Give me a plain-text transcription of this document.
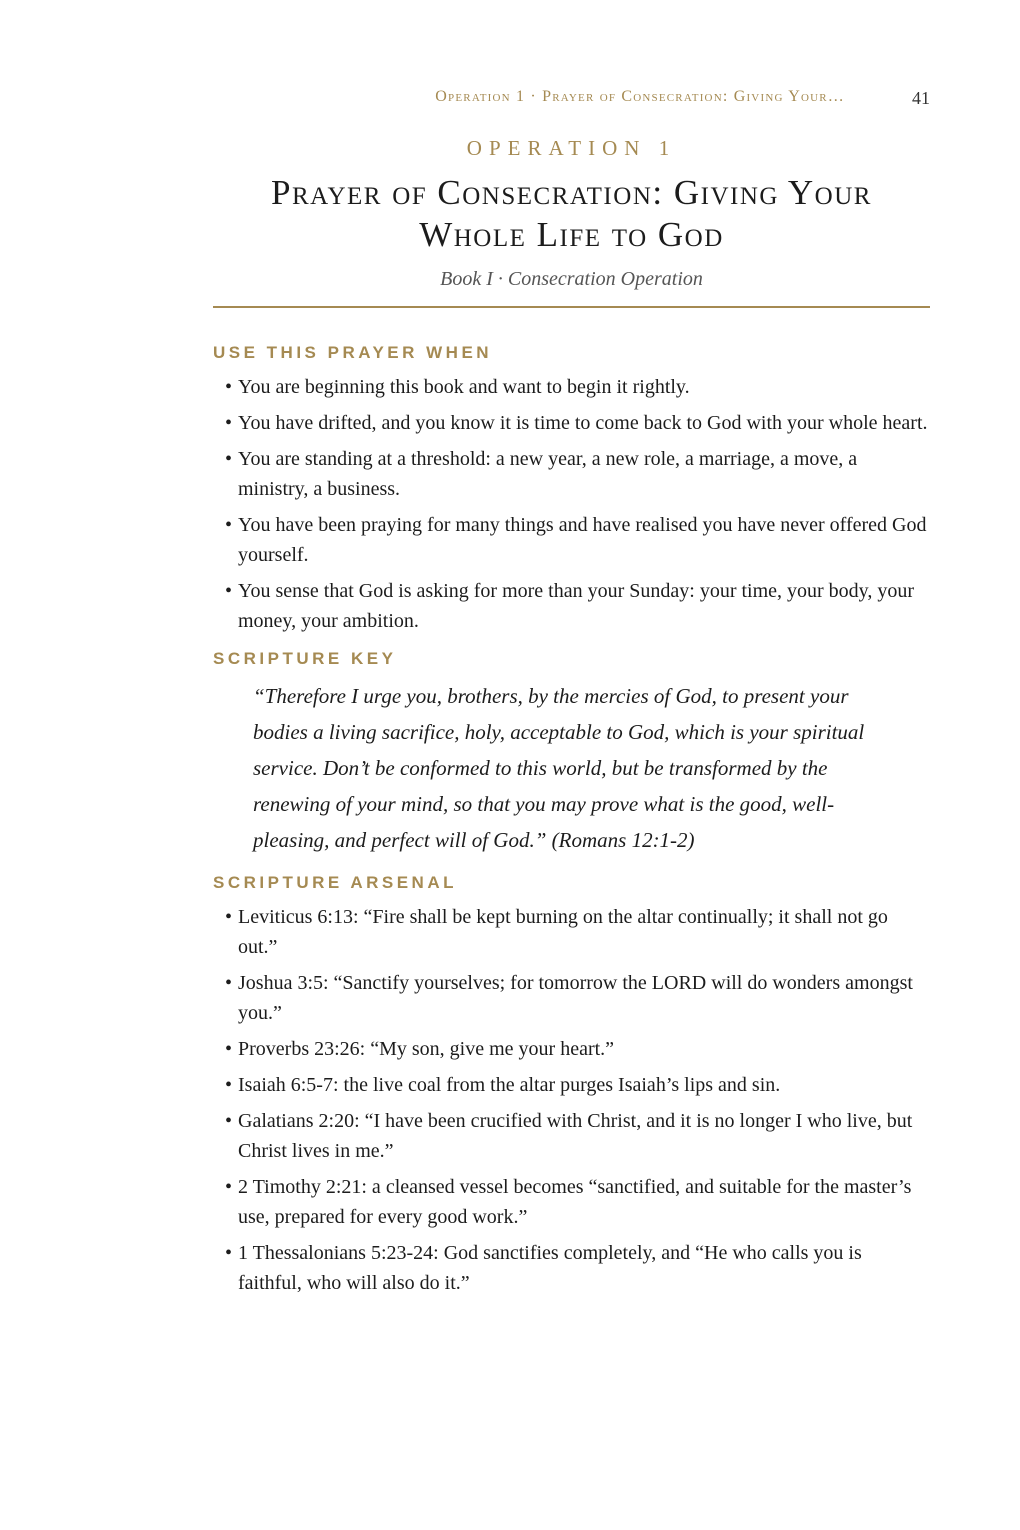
Operation 1 · Prayer of Consecration: Giving Your…	41
OPERATION 1
Prayer of Consecration: Giving Your Whole Life to God
Book I · Consecration Operation
USE THIS PRAYER WHEN
• You are beginning this book and want to begin it rightly.
• You have drifted, and you know it is time to come back to God with your whole heart.
• You are standing at a threshold: a new year, a new role, a marriage, a move, a ministry, a business.
• You have been praying for many things and have realised you have never offered God yourself.
• You sense that God is asking for more than your Sunday: your time, your body, your money, your ambition.
SCRIPTURE KEY
“Therefore I urge you, brothers, by the mercies of God, to present your bodies a living sacrifice, holy, acceptable to God, which is your spiritual service. Don’t be conformed to this world, but be transformed by the renewing of your mind, so that you may prove what is the good, well-pleasing, and perfect will of God.” (Romans 12:1-2)
SCRIPTURE ARSENAL
• Leviticus 6:13: “Fire shall be kept burning on the altar continually; it shall not go out.”
• Joshua 3:5: “Sanctify yourselves; for tomorrow the LORD will do wonders amongst you.”
• Proverbs 23:26: “My son, give me your heart.”
• Isaiah 6:5-7: the live coal from the altar purges Isaiah’s lips and sin.
• Galatians 2:20: “I have been crucified with Christ, and it is no longer I who live, but Christ lives in me.”
• 2 Timothy 2:21: a cleansed vessel becomes “sanctified, and suitable for the master’s use, prepared for every good work.”
• 1 Thessalonians 5:23-24: God sanctifies completely, and “He who calls you is faithful, who will also do it.”
